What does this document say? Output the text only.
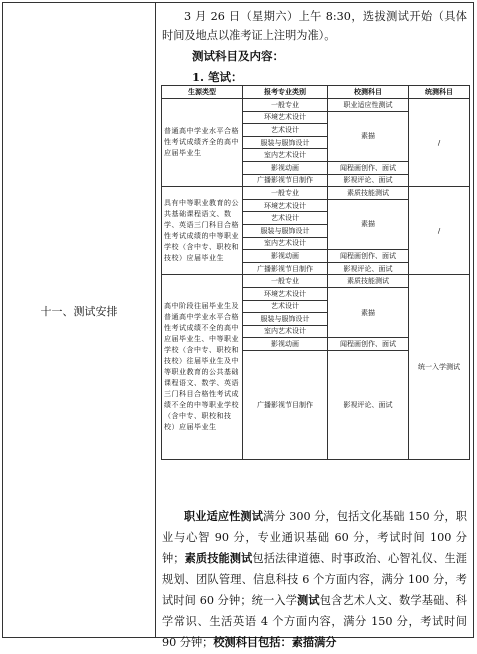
十一、测试安排

3 月 26 日（星期六）上午 8:30，选拔测试开始（具体时间及地点以准考证上注明为准）。

测试科目及内容：

1. 笔试：

生源类型	报考专业类别	校测科目	统测科目
普通高中学业水平合格性考试成绩齐全的高中应届毕业生	一般专业	职业适应性测试	/
	环境艺术设计	素描	
	艺术设计		
	服装与服饰设计		
	室内艺术设计		
	影视动画	闻程画创作、面试	
	广播影视节目制作	影视评论、面试	
具有中等职业教育的公共基础课程语文、数学、英语三门科目合格性考试成绩的中等职业学校（含中专、职校和技校）应届毕业生	一般专业	素质技能测试	/
	环境艺术设计	素描	
	艺术设计		
	服装与服饰设计		
	室内艺术设计		
	影视动画	闻程画创作、面试	
	广播影视节目制作	影视评论、面试	
高中阶段往届毕业生及普通高中学业水平合格性考试成绩不全的高中应届毕业生、中等职业学校（含中专、职校和技校）往届毕业生及中等职业教育的公共基础课程语文、数学、英语三门科目合格性考试成绩不全的中等职业学校（含中专、职校和技校）应届毕业生	一般专业	素质技能测试	统一入学测试
	环境艺术设计	素描	
	艺术设计		
	服装与服饰设计		
	室内艺术设计		
	影视动画	闻程画创作、面试	
	广播影视节目制作	影视评论、面试	

职业适应性测试满分 300 分，包括文化基础 150 分，职业与心智 90 分，专业通识基础 60 分，考试时间 100 分钟；素质技能测试包括法律道德、时事政治、心智礼仪、生涯规划、团队管理、信息科技 6 个方面内容，满分 100 分，考试时间 60 分钟；统一入学测试包含艺术人文、数学基础、科学常识、生活英语 4 个方面内容，满分 150 分，考试时间 90 分钟；校测科目包括：素描满分
